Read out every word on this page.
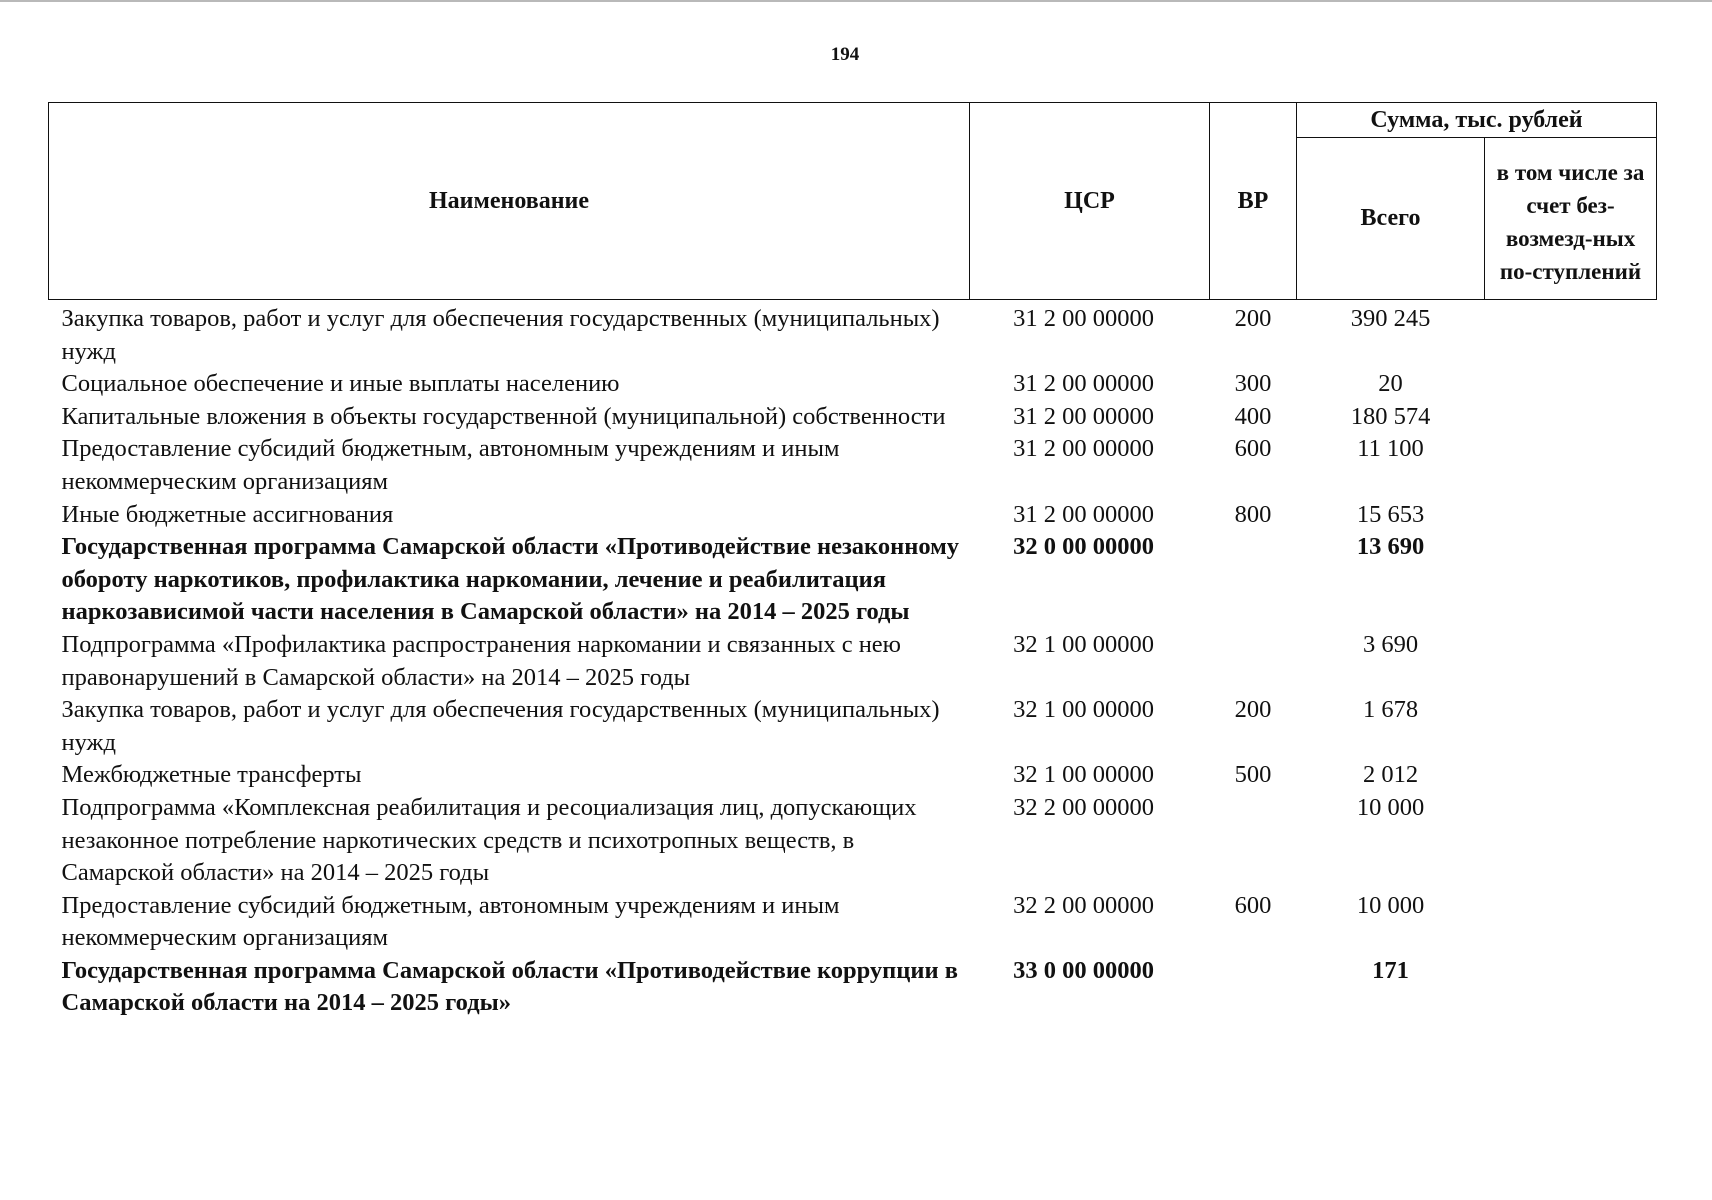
194
Наименование	ЦСР	ВР	Сумма, тыс. рублей	
			Всего	в том числе за счет без-возмезд-ных по-ступлений
Закупка товаров, работ и услуг для обеспечения государственных (муниципальных) нужд	31 2 00 00000	200	390 245	
Социальное обеспечение и иные выплаты населению	31 2 00 00000	300	20	
Капитальные вложения в объекты государственной (муниципальной) собственности	31 2 00 00000	400	180 574	
Предоставление субсидий бюджетным, автономным учреждениям и иным некоммерческим организациям	31 2 00 00000	600	11 100	
Иные бюджетные ассигнования	31 2 00 00000	800	15 653	
Государственная программа Самарской области «Противодействие незаконному обороту наркотиков, профилактика наркомании, лечение и реабилитация наркозависимой части населения в Самарской области» на 2014 – 2025 годы	32 0 00 00000		13 690	
Подпрограмма «Профилактика распространения наркомании и связанных с нею правонарушений в Самарской области» на 2014 – 2025 годы	32 1 00 00000		3 690	
Закупка товаров, работ и услуг для обеспечения государственных (муниципальных) нужд	32 1 00 00000	200	1 678	
Межбюджетные трансферты	32 1 00 00000	500	2 012	
Подпрограмма «Комплексная реабилитация и ресоциализация лиц, допускающих незаконное потребление наркотических средств и психотропных веществ, в Самарской области» на 2014 – 2025 годы	32 2 00 00000		10 000	
Предоставление субсидий бюджетным, автономным учреждениям и иным некоммерческим организациям	32 2 00 00000	600	10 000	
Государственная программа Самарской области «Противодействие коррупции в Самарской области на 2014 – 2025 годы»	33 0 00 00000		171	
